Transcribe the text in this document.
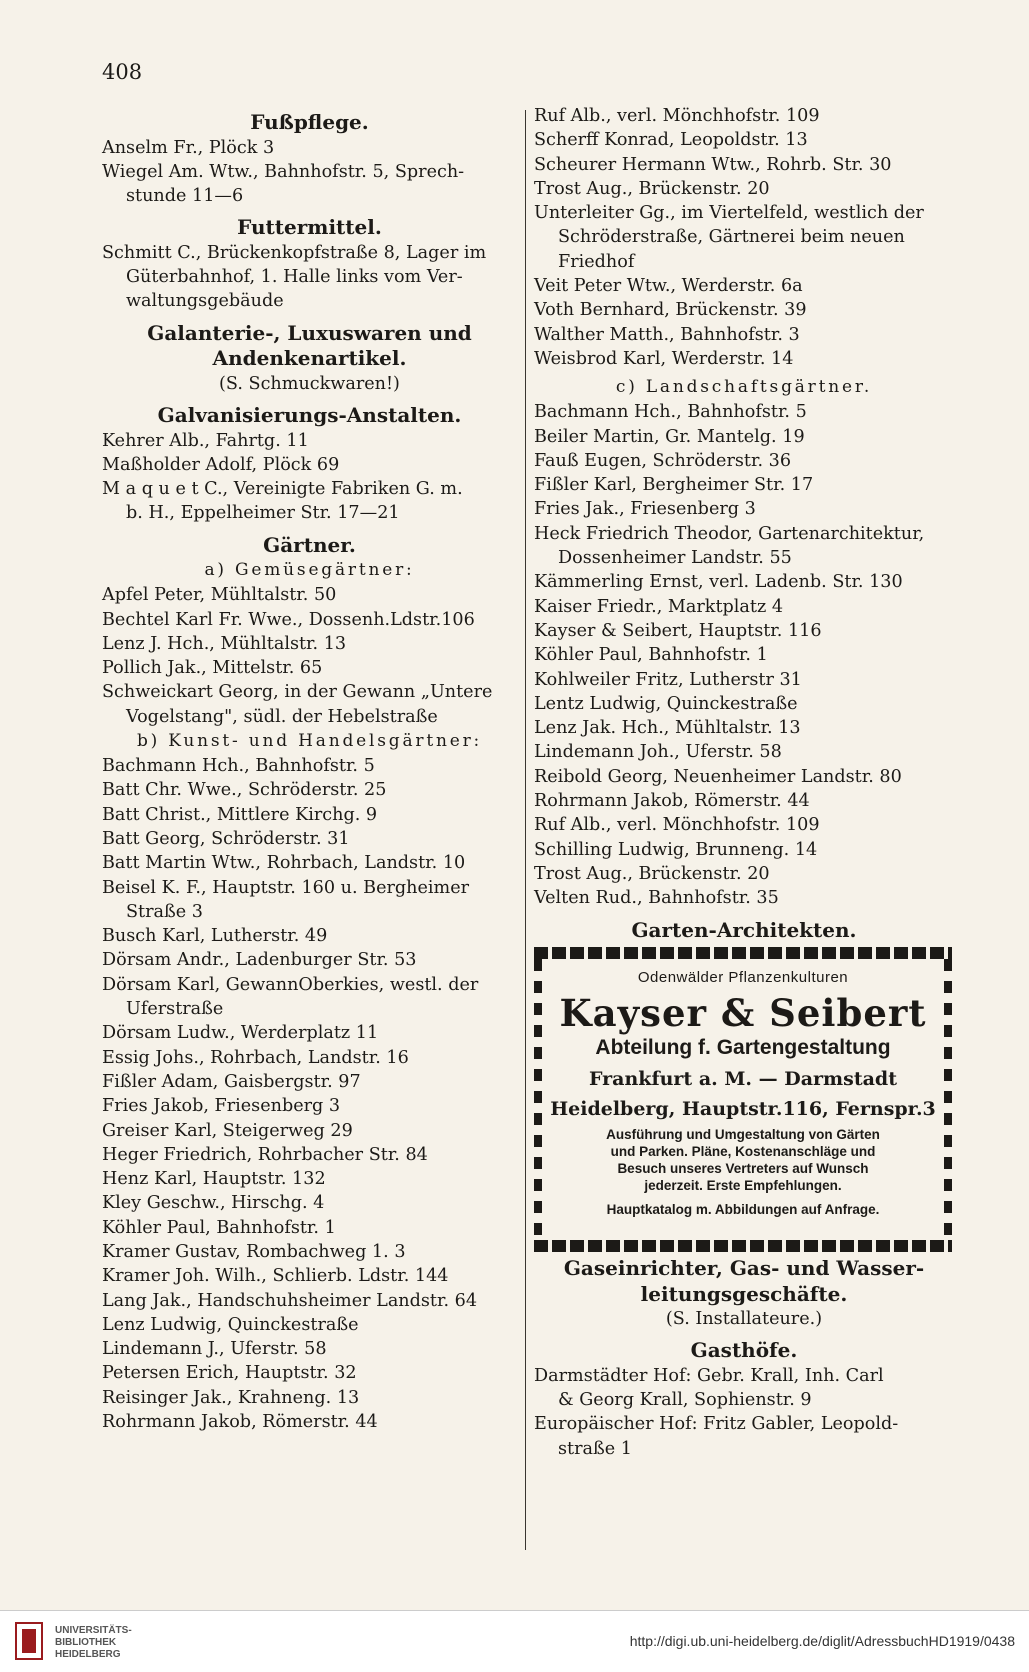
408
Fußpflege.
Anselm Fr., Plöck 3
Wiegel Am. Wtw., Bahnhofstr. 5, Sprech-
stunde 11—6
Futtermittel.
Schmitt C., Brückenkopfstraße 8, Lager im
Güterbahnhof, 1. Halle links vom Ver-
waltungsgebäude
Galanterie-, Luxuswaren und
Andenkenartikel.
(S. Schmuckwaren!)
Galvanisierungs-Anstalten.
Kehrer Alb., Fahrtg. 11
Maßholder Adolf, Plöck 69
M a q u e t C., Vereinigte Fabriken G. m.
b. H., Eppelheimer Str. 17—21
Gärtner.
a) Gemüsegärtner:
Apfel Peter, Mühltalstr. 50
Bechtel Karl Fr. Wwe., Dossenh.Ldstr.106
Lenz J. Hch., Mühltalstr. 13
Pollich Jak., Mittelstr. 65
Schweickart Georg, in der Gewann „Untere
Vogelstang", südl. der Hebelstraße
b) Kunst- und Handelsgärtner:
Bachmann Hch., Bahnhofstr. 5
Batt Chr. Wwe., Schröderstr. 25
Batt Christ., Mittlere Kirchg. 9
Batt Georg, Schröderstr. 31
Batt Martin Wtw., Rohrbach, Landstr. 10
Beisel K. F., Hauptstr. 160 u. Bergheimer
Straße 3
Busch Karl, Lutherstr. 49
Dörsam Andr., Ladenburger Str. 53
Dörsam Karl, GewannOberkies, westl. der
Uferstraße
Dörsam Ludw., Werderplatz 11
Essig Johs., Rohrbach, Landstr. 16
Fißler Adam, Gaisbergstr. 97
Fries Jakob, Friesenberg 3
Greiser Karl, Steigerweg 29
Heger Friedrich, Rohrbacher Str. 84
Henz Karl, Hauptstr. 132
Kley Geschw., Hirschg. 4
Köhler Paul, Bahnhofstr. 1
Kramer Gustav, Rombachweg 1. 3
Kramer Joh. Wilh., Schlierb. Ldstr. 144
Lang Jak., Handschuhsheimer Landstr. 64
Lenz Ludwig, Quinckestraße
Lindemann J., Uferstr. 58
Petersen Erich, Hauptstr. 32
Reisinger Jak., Krahneng. 13
Rohrmann Jakob, Römerstr. 44
Ruf Alb., verl. Mönchhofstr. 109
Scherff Konrad, Leopoldstr. 13
Scheurer Hermann Wtw., Rohrb. Str. 30
Trost Aug., Brückenstr. 20
Unterleiter Gg., im Viertelfeld, westlich der
Schröderstraße, Gärtnerei beim neuen
Friedhof
Veit Peter Wtw., Werderstr. 6a
Voth Bernhard, Brückenstr. 39
Walther Matth., Bahnhofstr. 3
Weisbrod Karl, Werderstr. 14
c) Landschaftsgärtner.
Bachmann Hch., Bahnhofstr. 5
Beiler Martin, Gr. Mantelg. 19
Fauß Eugen, Schröderstr. 36
Fißler Karl, Bergheimer Str. 17
Fries Jak., Friesenberg 3
Heck Friedrich Theodor, Gartenarchitektur,
Dossenheimer Landstr. 55
Kämmerling Ernst, verl. Ladenb. Str. 130
Kaiser Friedr., Marktplatz 4
Kayser & Seibert, Hauptstr. 116
Köhler Paul, Bahnhofstr. 1
Kohlweiler Fritz, Lutherstr 31
Lentz Ludwig, Quinckestraße
Lenz Jak. Hch., Mühltalstr. 13
Lindemann Joh., Uferstr. 58
Reibold Georg, Neuenheimer Landstr. 80
Rohrmann Jakob, Römerstr. 44
Ruf Alb., verl. Mönchhofstr. 109
Schilling Ludwig, Brunneng. 14
Trost Aug., Brückenstr. 20
Velten Rud., Bahnhofstr. 35
Garten-Architekten.
Odenwälder Pflanzenkulturen
Kayser & Seibert
Abteilung f. Gartengestaltung
Frankfurt a. M. — Darmstadt
Heidelberg, Hauptstr.116, Fernspr.3
Ausführung und Umgestaltung von Gärten
und Parken. Pläne, Kostenanschläge und
Besuch unseres Vertreters auf Wunsch
jederzeit. Erste Empfehlungen.
Hauptkatalog m. Abbildungen auf Anfrage.
Gaseinrichter, Gas- und Wasser-
leitungsgeschäfte.
(S. Installateure.)
Gasthöfe.
Darmstädter Hof: Gebr. Krall, Inh. Carl
& Georg Krall, Sophienstr. 9
Europäischer Hof: Fritz Gabler, Leopold-
straße 1
UNIVERSITÄTS-
BIBLIOTHEK
HEIDELBERG
http://digi.ub.uni-heidelberg.de/diglit/AdressbuchHD1919/0438
